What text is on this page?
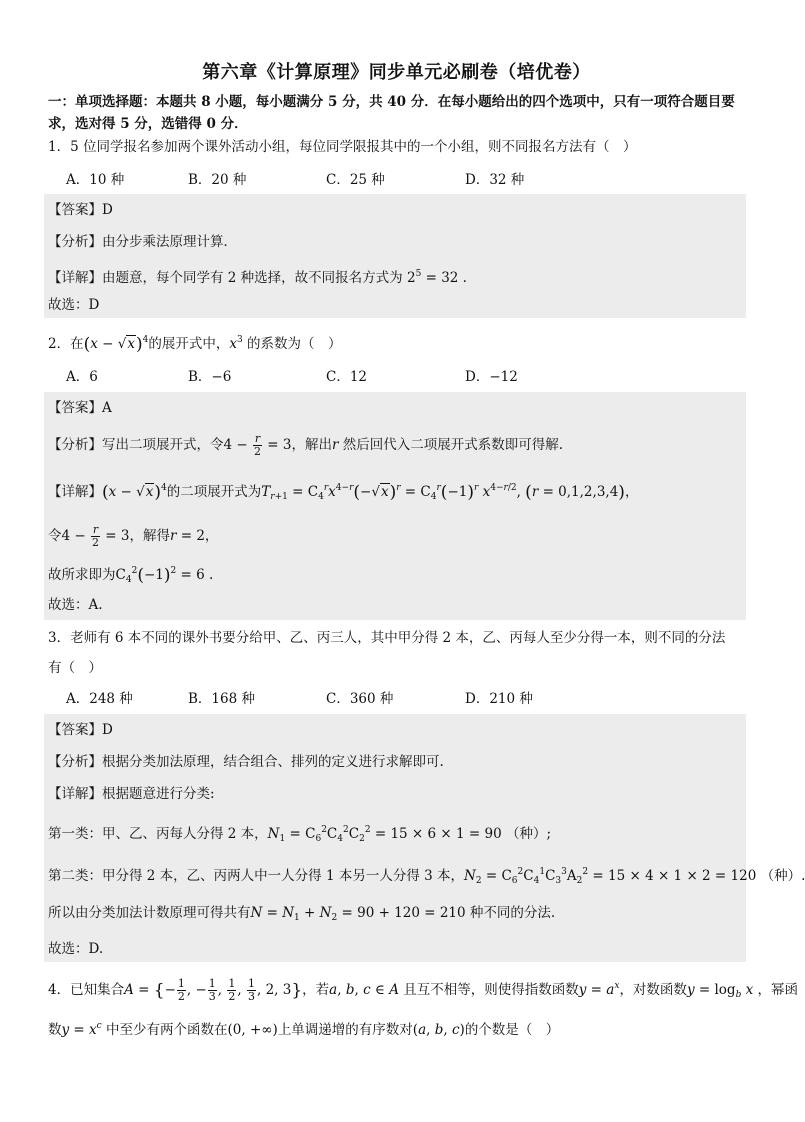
第六章《计算原理》同步单元必刷卷（培优卷）
一：单项选择题：本题共 8 小题，每小题满分 5 分，共 40 分．在每小题给出的四个选项中，只有一项符合题目要
求，选对得 5 分，选错得 0 分．
1．5 位同学报名参加两个课外活动小组，每位同学限报其中的一个小组，则不同报名方法有（　）
A．10 种	B．20 种	C．25 种	D．32 种
【答案】D
【分析】由分步乘法原理计算．
【详解】由题意，每个同学有 2 种选择，故不同报名方式为 $2^5 = 32$ .
故选：D
2．在$(x - √x)^4$的展开式中，$x^3$ 的系数为（　）
A．6	B．−6	C．12	D．−12
【答案】A
【分析】写出二项展开式，令$4 - \frac{r}{2} = 3$，解出r 然后回代入二项展开式系数即可得解.
【详解】$(x - √x)^4$的二项展开式为$T_{r+1} = C_4^rx^{4-r}(-√x)^r = C_4^r(-1)^r$ $x^{4-r/2}$, (r = 0,1,2,3,4)，
令$4 - \frac{r}{2} = 3$，解得r = 2，
故所求即为$C_4^2(-1)^2 = 6$ .
故选：A.
3．老师有 6 本不同的课外书要分给甲、乙、丙三人，其中甲分得 2 本，乙、丙每人至少分得一本，则不同的分法
有（　）
A．248 种	B．168 种	C．360 种	D．210 种
【答案】D
【分析】根据分类加法原理，结合组合、排列的定义进行求解即可.
【详解】根据题意进行分类:
第一类：甲、乙、丙每人分得 2 本，$N_1 = C_6^2C_4^2C_2^2 = 15 \times 6 \times 1 = 90$ （种）;
第二类：甲分得 2 本，乙、丙两人中一人分得 1 本另一人分得 3 本，$N_2 = C_6^2C_4^1C_3^3A_2^2 = 15 \times 4 \times 1 \times 2 = 120$ （种）.
所以由分类加法计数原理可得共有$N = N_1 + N_2 = 90 + 120 = 210$ 种不同的分法.
故选：D.
4．已知集合A = {− $\frac{1}{2}$ , − $\frac{1}{3}$ , $\frac{1}{2}$ , $\frac{1}{3}$ , 2, 3}，若a, b, c ∈ A 且互不相等，则使得指数函数$y = a^x$，对数函数$y = \log_b x$ ，幂函
数$y = x^c$ 中至少有两个函数在(0, +∞)上单调递增的有序数对(a, b, c)的个数是（　）
